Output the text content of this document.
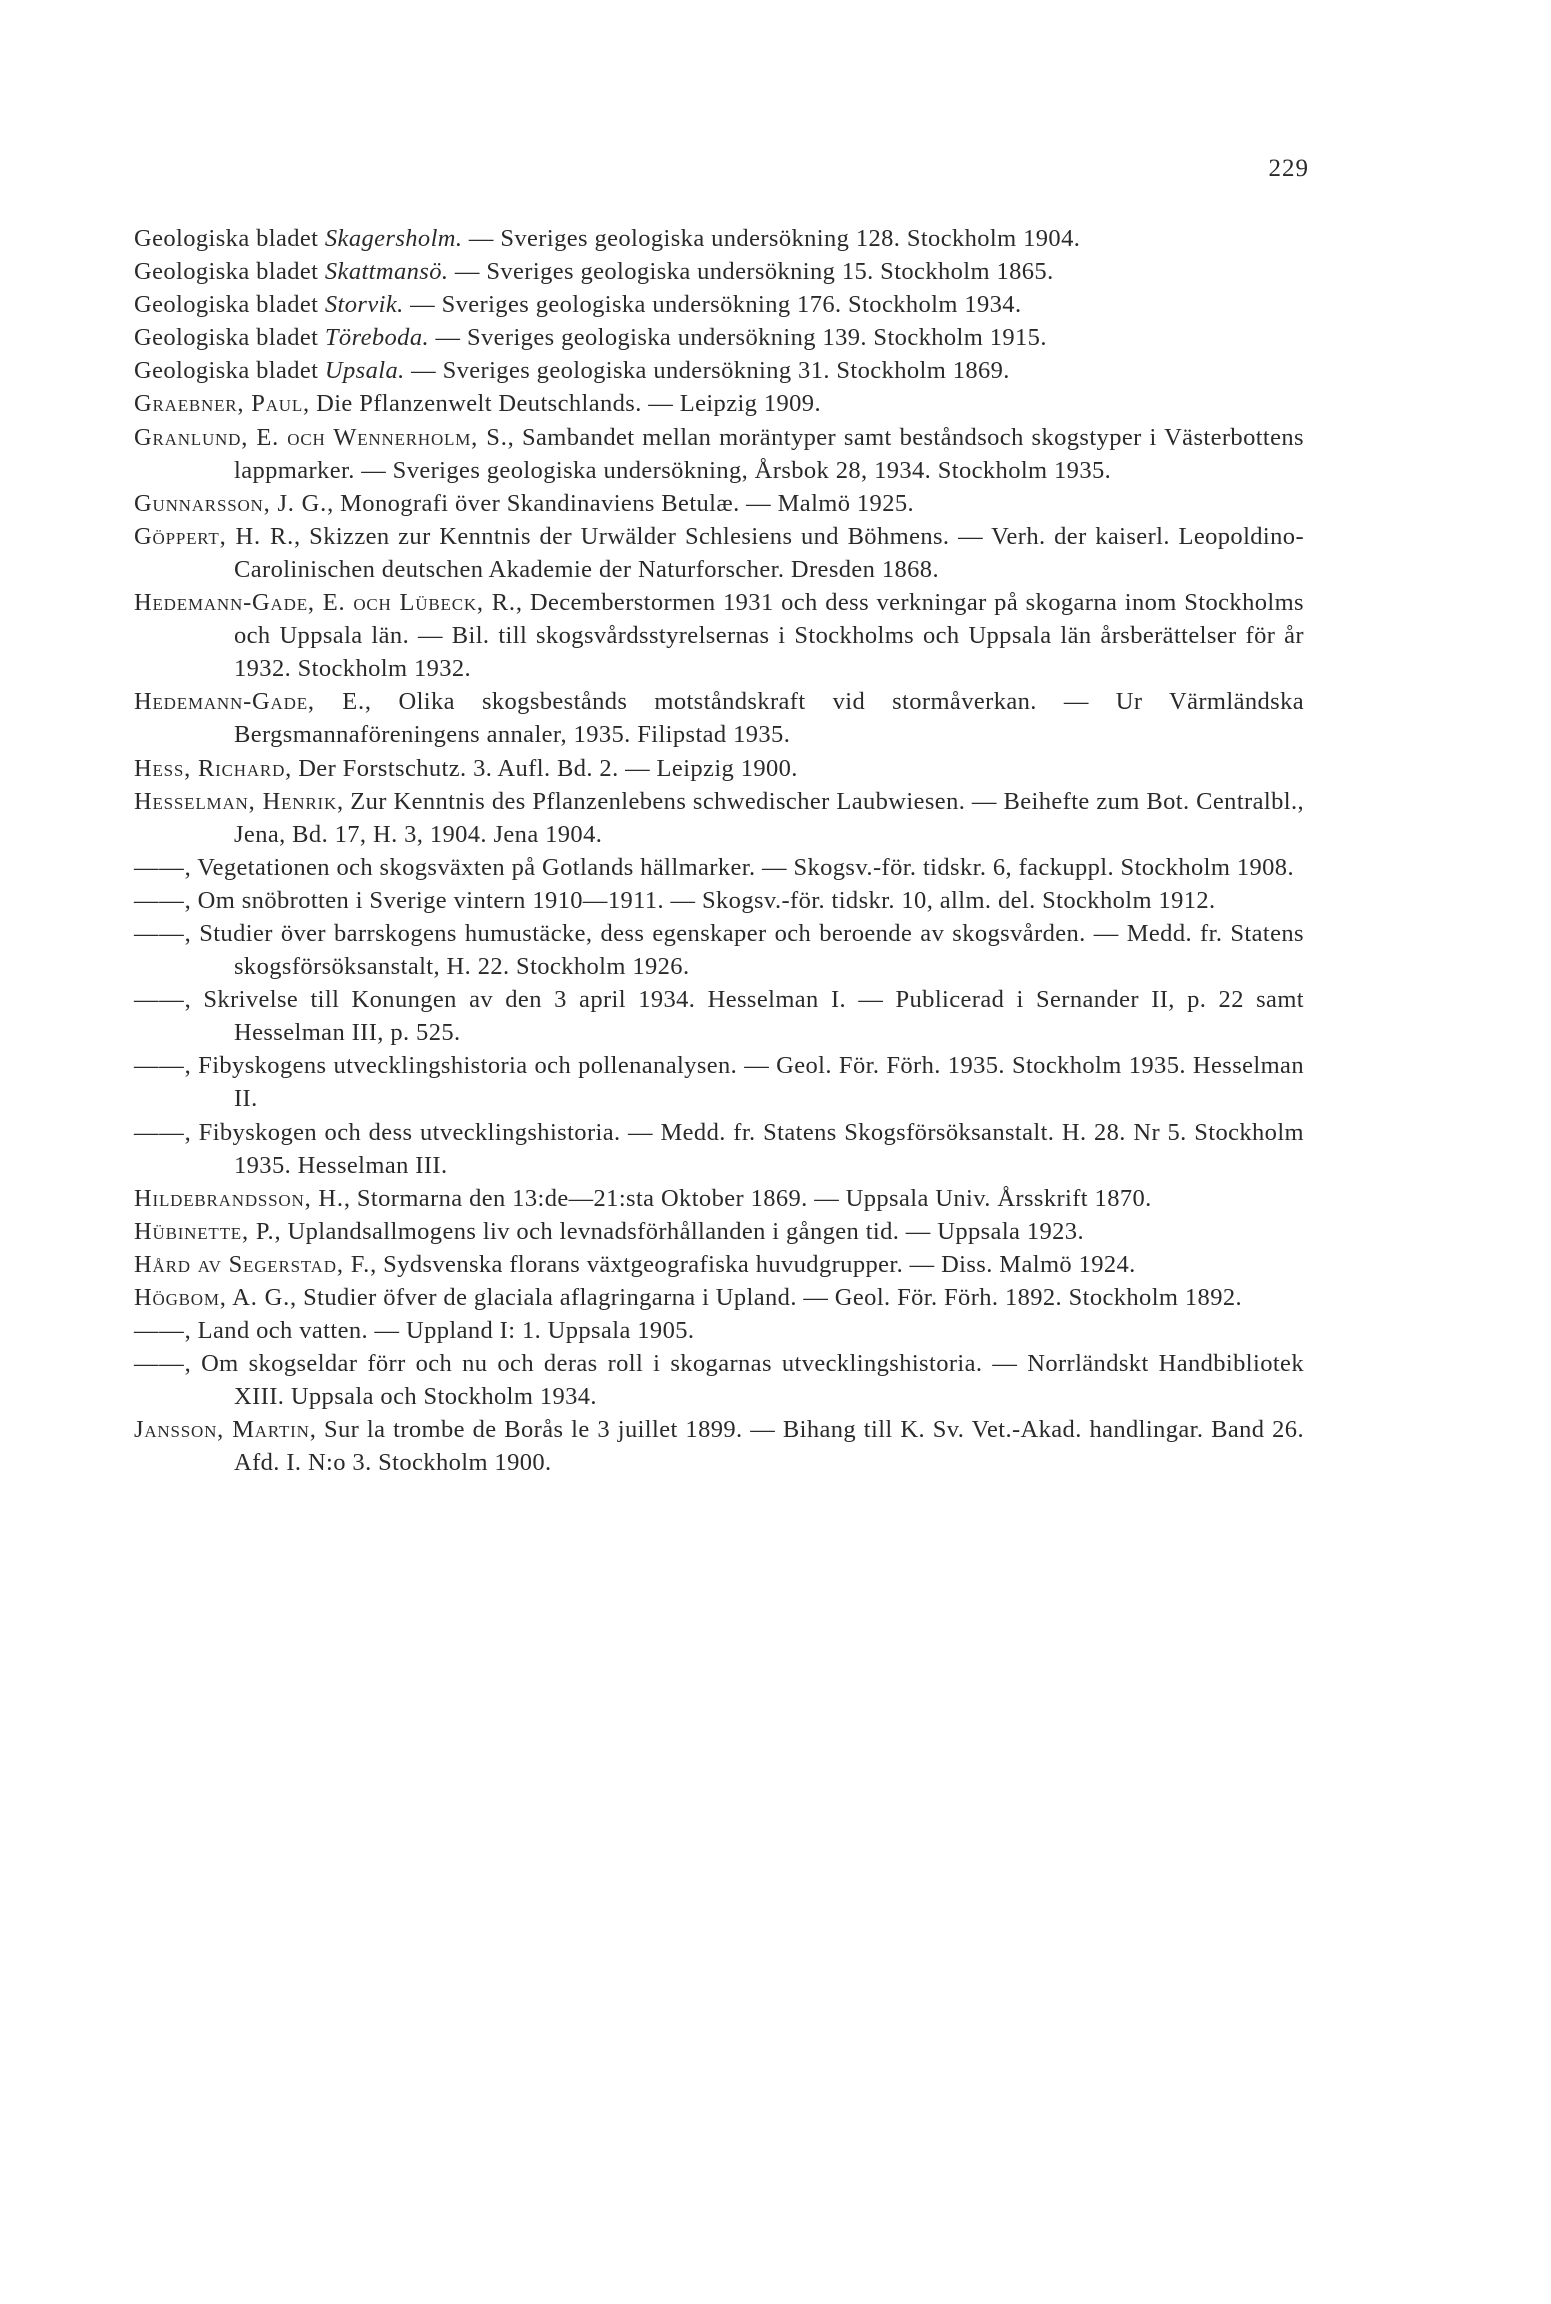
229
Geologiska bladet Skagersholm. — Sveriges geologiska undersökning 128. Stockholm 1904.
Geologiska bladet Skattmansö. — Sveriges geologiska undersökning 15. Stockholm 1865.
Geologiska bladet Storvik. — Sveriges geologiska undersökning 176. Stockholm 1934.
Geologiska bladet Töreboda. — Sveriges geologiska undersökning 139. Stockholm 1915.
Geologiska bladet Upsala. — Sveriges geologiska undersökning 31. Stockholm 1869.
Graebner, Paul, Die Pflanzenwelt Deutschlands. — Leipzig 1909.
Granlund, E. och Wennerholm, S., Sambandet mellan moräntyper samt beståndsoch skogstyper i Västerbottens lappmarker. — Sveriges geologiska undersökning, Årsbok 28, 1934. Stockholm 1935.
Gunnarsson, J. G., Monografi över Skandinaviens Betulæ. — Malmö 1925.
Göppert, H. R., Skizzen zur Kenntnis der Urwälder Schlesiens und Böhmens. — Verh. der kaiserl. Leopoldino-Carolinischen deutschen Akademie der Naturforscher. Dresden 1868.
Hedemann-Gade, E. och Lübeck, R., Decemberstormen 1931 och dess verkningar på skogarna inom Stockholms och Uppsala län. — Bil. till skogsvårdsstyrelsernas i Stockholms och Uppsala län årsberättelser för år 1932. Stockholm 1932.
Hedemann-Gade, E., Olika skogsbestånds motståndskraft vid stormåverkan. — Ur Värmländska Bergsmannaföreningens annaler, 1935. Filipstad 1935.
Hess, Richard, Der Forstschutz. 3. Aufl. Bd. 2. — Leipzig 1900.
Hesselman, Henrik, Zur Kenntnis des Pflanzenlebens schwedischer Laubwiesen. — Beihefte zum Bot. Centralbl., Jena, Bd. 17, H. 3, 1904. Jena 1904.
——, Vegetationen och skogsväxten på Gotlands hällmarker. — Skogsv.-för. tidskr. 6, fackuppl. Stockholm 1908.
——, Om snöbrotten i Sverige vintern 1910—1911. — Skogsv.-för. tidskr. 10, allm. del. Stockholm 1912.
——, Studier över barrskogens humustäcke, dess egenskaper och beroende av skogsvården. — Medd. fr. Statens skogsförsöksanstalt, H. 22. Stockholm 1926.
——, Skrivelse till Konungen av den 3 april 1934. Hesselman I. — Publicerad i Sernander II, p. 22 samt Hesselman III, p. 525.
——, Fibyskogens utvecklingshistoria och pollenanalysen. — Geol. För. Förh. 1935. Stockholm 1935. Hesselman II.
——, Fibyskogen och dess utvecklingshistoria. — Medd. fr. Statens Skogsförsöksanstalt. H. 28. Nr 5. Stockholm 1935. Hesselman III.
Hildebrandsson, H., Stormarna den 13:de—21:sta Oktober 1869. — Uppsala Univ. Årsskrift 1870.
Hübinette, P., Uplandsallmogens liv och levnadsförhållanden i gången tid. — Uppsala 1923.
Hård av Segerstad, F., Sydsvenska florans växtgeografiska huvudgrupper. — Diss. Malmö 1924.
Högbom, A. G., Studier öfver de glaciala aflagringarna i Upland. — Geol. För. Förh. 1892. Stockholm 1892.
——, Land och vatten. — Uppland I: 1. Uppsala 1905.
——, Om skogseldar förr och nu och deras roll i skogarnas utvecklingshistoria. — Norrländskt Handbibliotek XIII. Uppsala och Stockholm 1934.
Jansson, Martin, Sur la trombe de Borås le 3 juillet 1899. — Bihang till K. Sv. Vet.-Akad. handlingar. Band 26. Afd. I. N:o 3. Stockholm 1900.
